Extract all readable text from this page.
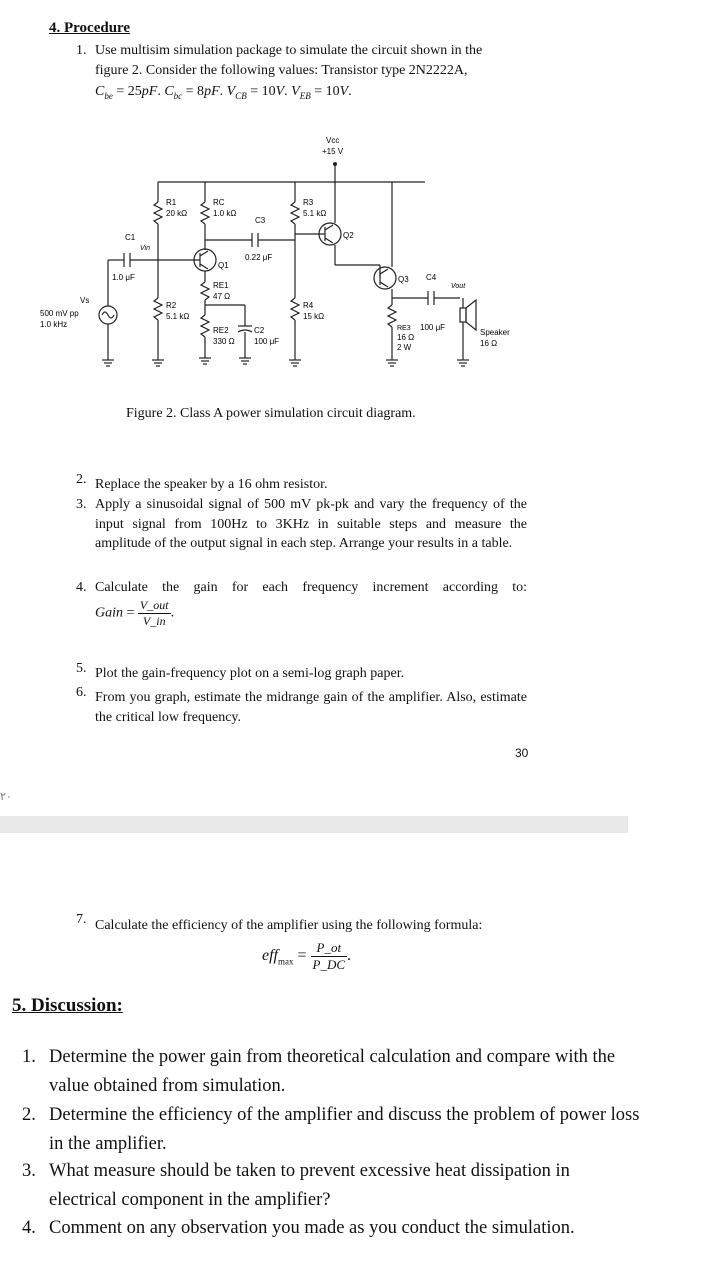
4. Procedure
1. Use multisim simulation package to simulate the circuit shown in the
figure 2. Consider the following values: Transistor type 2N2222A,
$C_{be} = 25pF$. $C_{bc} = 8pF$. $V_{CB} = 10V$. $V_{EB} = 10V$.
Vcc
+15 V
R1
20 kΩ
RC
1.0 kΩ
C3
0.22 μF
R3
5.1 kΩ
Q1
Q2
Q3
C1
1.0 μF
Vin
Vs
500 mV pp
1.0 kHz
R2
5.1 kΩ
RE1
47 Ω
RE2
330 Ω
C2
100 μF
R4
15 kΩ
RE3
16 Ω
2 W
C4
100 μF
Vout
Speaker
16 Ω
Figure 2. Class A power simulation circuit diagram.
2. Replace the speaker by a 16 ohm resistor.
3. Apply a sinusoidal signal of 500 mV pk-pk and vary the frequency of the input signal from 100Hz to 3KHz in suitable steps and measure the amplitude of the output signal in each step. Arrange your results in a table.
4. Calculate the gain for each frequency increment according to:
Gain = $\frac{\text{V\_out}}{V\_in}$ .
5. Plot the gain-frequency plot on a semi-log graph paper.
6. From you graph, estimate the midrange gain of the amplifier. Also, estimate the critical low frequency.
30
٢٠
7. Calculate the efficiency of the amplifier using the following formula:
$eff_{max} = \frac{P\_ot}{P\_DC}$ .
5. Discussion:
1. Determine the power gain from theoretical calculation and compare with the value obtained from simulation.
2. Determine the efficiency of the amplifier and discuss the problem of power loss in the amplifier.
3. What measure should be taken to prevent excessive heat dissipation in electrical component in the amplifier?
4. Comment on any observation you made as you conduct the simulation.
